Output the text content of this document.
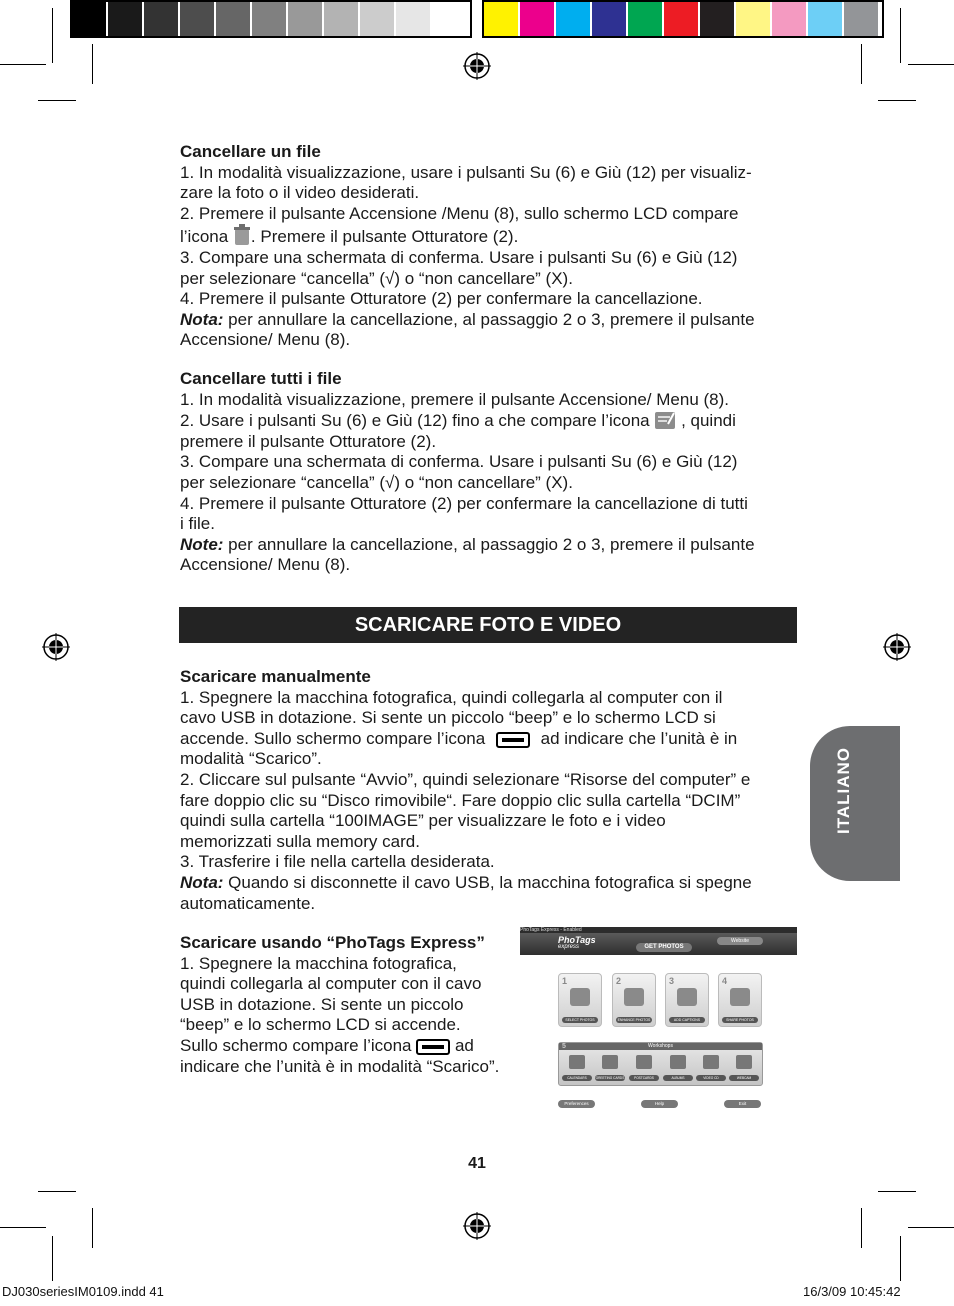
Cancellare un file

1. In modalità visualizzazione, usare i pulsanti Su (6) e Giù (12) per visualiz-

zare la foto o il video desiderati.

2. Premere il pulsante Accensione /Menu (8), sullo schermo LCD compare

l’icona . Premere il pulsante Otturatore (2).

3. Compare una schermata di conferma. Usare i pulsanti Su (6) e Giù (12)

per selezionare “cancella” (√) o “non cancellare” (X).

4. Premere il pulsante Otturatore (2) per confermare la cancellazione.

Nota: per annullare la cancellazione, al passaggio 2 o 3, premere il pulsante

Accensione/ Menu (8).

Cancellare tutti i file

1. In modalità visualizzazione, premere il pulsante Accensione/ Menu (8).

2. Usare i pulsanti Su (6) e Giù (12) fino a che compare l’icona  , quindi

premere il pulsante Otturatore (2).

3. Compare una schermata di conferma. Usare i pulsanti Su (6) e Giù (12)

per selezionare “cancella” (√) o “non cancellare” (X).

4. Premere il pulsante Otturatore (2) per confermare la cancellazione di tutti

i file.

Note: per annullare la cancellazione, al passaggio 2 o 3, premere il pulsante

Accensione/ Menu (8).

SCARICARE FOTO E VIDEO

Scaricare manualmente

1. Spegnere la macchina fotografica, quindi collegarla al computer con il

cavo USB in dotazione. Si sente un piccolo “beep” e lo schermo LCD si

accende. Sullo schermo compare l’icona	ad indicare che l’unità è in

modalità “Scarico”.

2. Cliccare sul pulsante “Avvio”, quindi selezionare “Risorse del computer” e

fare doppio clic su “Disco rimovibile“. Fare doppio clic sulla cartella “DCIM”

quindi sulla cartella “100IMAGE” per visualizzare le foto e i video

memorizzati sulla memory card.

3. Trasferire i file nella cartella desiderata.

Nota: Quando si disconnette il cavo USB, la macchina fotografica si spegne

automaticamente.

Scaricare usando “PhoTags Express”

1. Spegnere la macchina fotografica,

quindi collegarla al computer con il cavo

USB in dotazione. Si sente un piccolo

“beep” e lo schermo LCD si accende.

Sullo schermo compare l’icona  ad

indicare che l’unità è in modalità “Scarico”.

PhoTags Express - Enabled
PhoTags
express	GET PHOTOS
Website
1
SELECT PHOTOS
2
ENHANCE PHOTOS
3
ADD CAPTIONS
4
SHARE PHOTOS
Workshops
5
CALENDARS	GREETING CARDS	POSTCARDS	ALBUMS	VIDEO CD	WEBCAM
Preferences	Help	Exit
ITALIANO
41
DJ030seriesIM0109.indd 41	16/3/09 10:45:42
